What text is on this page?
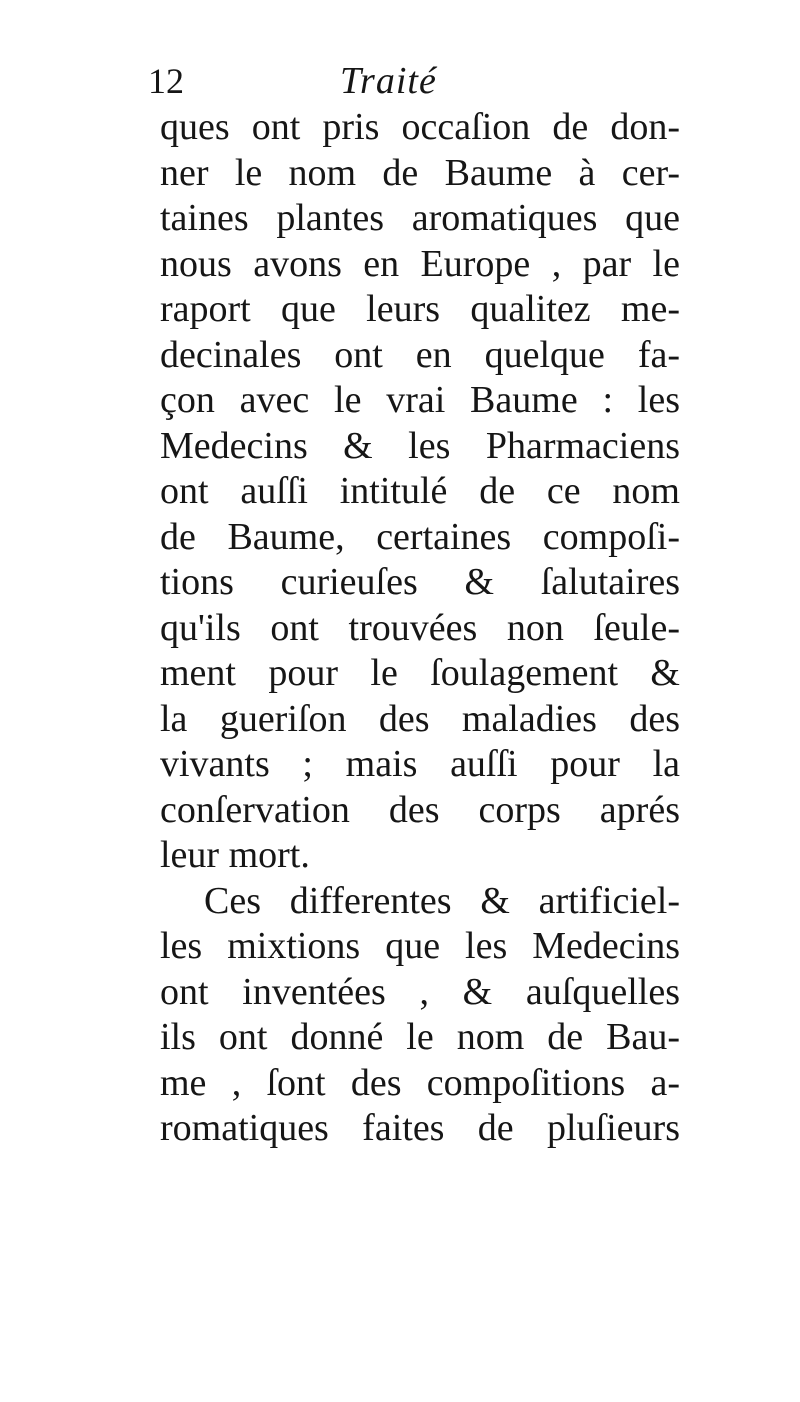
12	Traité
ques ont pris occaſion de don-
ner le nom de Baume à cer-
taines plantes aromatiques que
nous avons en Europe , par le
raport que leurs qualitez me-
decinales ont en quelque fa-
çon avec le vrai Baume : les
Medecins & les Pharmaciens
ont auſſi intitulé de ce nom
de Baume, certaines compoſi-
tions curieuſes & ſalutaires
qu'ils ont trouvées non ſeule-
ment pour le ſoulagement &
la gueriſon des maladies des
vivants ; mais auſſi pour la
conſervation des corps aprés
leur mort.
Ces differentes & artificiel-
les mixtions que les Medecins
ont inventées , & auſquelles
ils ont donné le nom de Bau-
me , ſont des compoſitions a-
romatiques faites de pluſieurs
